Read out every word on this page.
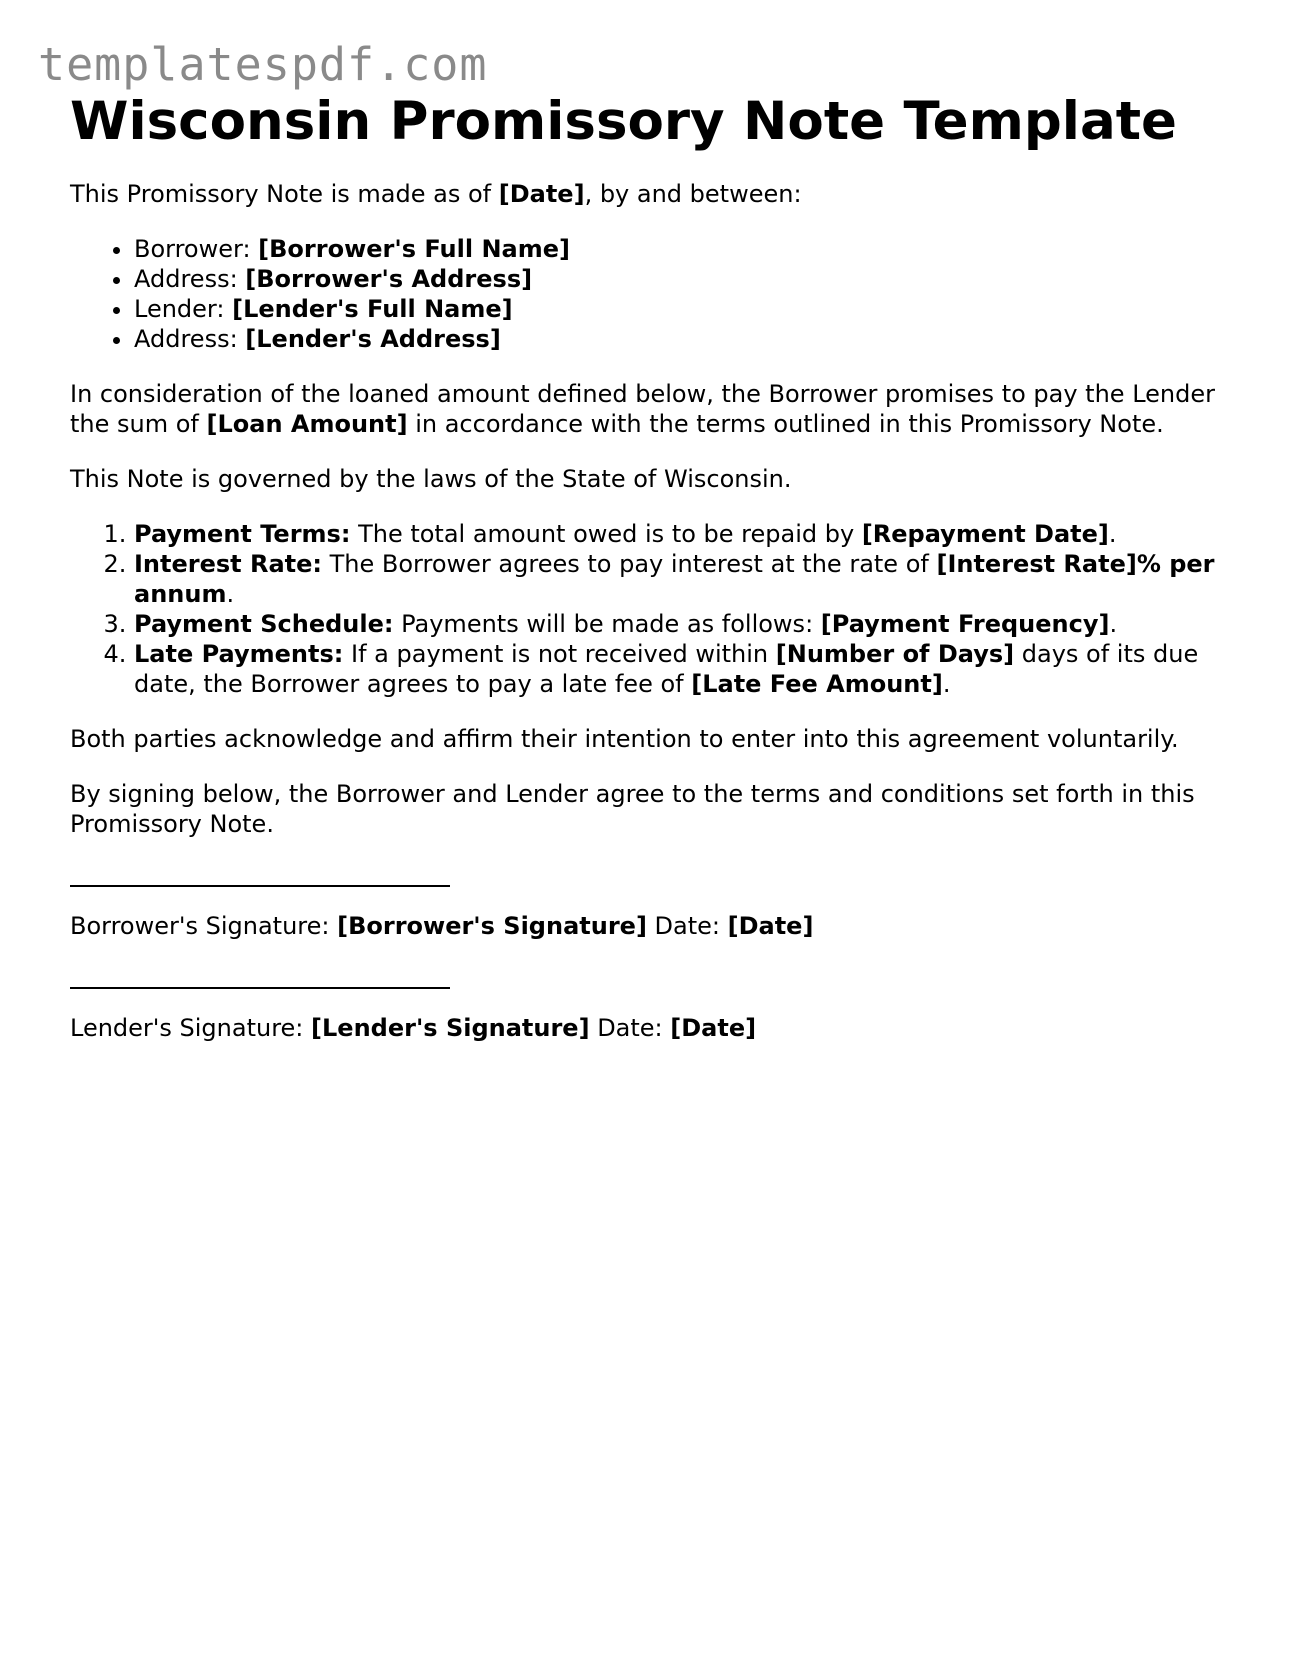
templatespdf.com
Wisconsin Promissory Note Template

This Promissory Note is made as of [Date], by and between:

• Borrower: [Borrower's Full Name]
• Address: [Borrower's Address]
• Lender: [Lender's Full Name]
• Address: [Lender's Address]

In consideration of the loaned amount defined below, the Borrower promises to pay the Lender the sum of [Loan Amount] in accordance with the terms outlined in this Promissory Note.

This Note is governed by the laws of the State of Wisconsin.

1. Payment Terms: The total amount owed is to be repaid by [Repayment Date].
2. Interest Rate: The Borrower agrees to pay interest at the rate of [Interest Rate]% per annum.
3. Payment Schedule: Payments will be made as follows: [Payment Frequency].
4. Late Payments: If a payment is not received within [Number of Days] days of its due date, the Borrower agrees to pay a late fee of [Late Fee Amount].

Both parties acknowledge and affirm their intention to enter into this agreement voluntarily.

By signing below, the Borrower and Lender agree to the terms and conditions set forth in this Promissory Note.

Borrower's Signature: [Borrower's Signature] Date: [Date]

Lender's Signature: [Lender's Signature] Date: [Date]
